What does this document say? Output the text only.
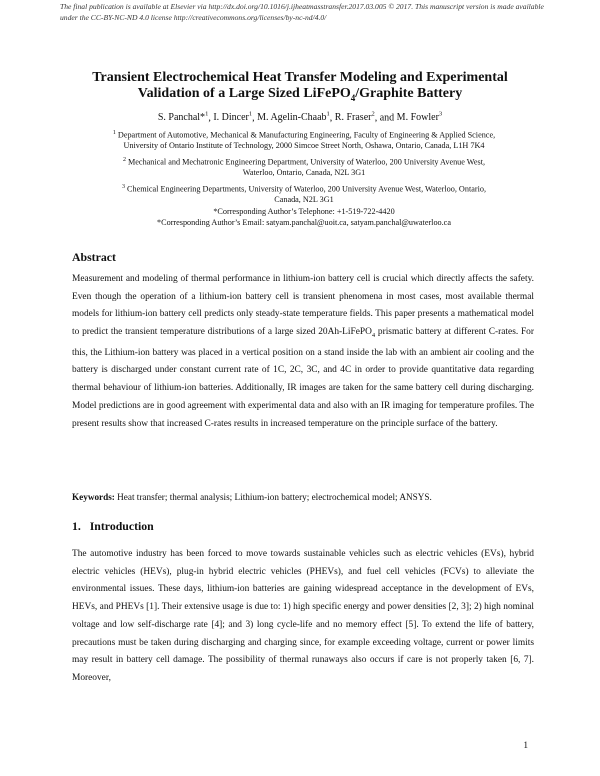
The final publication is available at Elsevier via http://dx.doi.org/10.1016/j.ijheatmasstransfer.2017.03.005 © 2017. This manuscript version is made available
under the CC-BY-NC-ND 4.0 license http://creativecommons.org/licenses/by-nc-nd/4.0/
Transient Electrochemical Heat Transfer Modeling and Experimental
Validation of a Large Sized LiFePO$_4$/Graphite Battery
S. Panchal*$^1$, I. Dincer$^1$, M. Agelin-Chaab$^1$, R. Fraser$^2$, and M. Fowler$^3$
$^1$ Department of Automotive, Mechanical & Manufacturing Engineering, Faculty of Engineering & Applied Science,
University of Ontario Institute of Technology, 2000 Simcoe Street North, Oshawa, Ontario, Canada, L1H 7K4
$^2$ Mechanical and Mechatronic Engineering Department, University of Waterloo, 200 University Avenue West,
Waterloo, Ontario, Canada, N2L 3G1
$^3$ Chemical Engineering Departments, University of Waterloo, 200 University Avenue West, Waterloo, Ontario,
Canada, N2L 3G1
*Corresponding Author’s Telephone: +1-519-722-4420
*Corresponding Author’s Email: satyam.panchal@uoit.ca, satyam.panchal@uwaterloo.ca
Abstract
Measurement and modeling of thermal performance in lithium-ion battery cell is crucial which directly affects the safety. Even though the operation of a lithium-ion battery cell is transient phenomena in most cases, most available thermal models for lithium-ion battery cell predicts only steady-state temperature fields. This paper presents a mathematical model to predict the transient temperature distributions of a large sized 20Ah-LiFePO$_4$ prismatic battery at different C-rates. For this, the Lithium-ion battery was placed in a vertical position on a stand inside the lab with an ambient air cooling and the battery is discharged under constant current rate of 1C, 2C, 3C, and 4C in order to provide quantitative data regarding thermal behaviour of lithium-ion batteries. Additionally, IR images are taken for the same battery cell during discharging. Model predictions are in good agreement with experimental data and also with an IR imaging for temperature profiles. The present results show that increased C-rates results in increased temperature on the principle surface of the battery.
Keywords: Heat transfer; thermal analysis; Lithium-ion battery; electrochemical model; ANSYS.
1. Introduction
The automotive industry has been forced to move towards sustainable vehicles such as electric vehicles (EVs), hybrid electric vehicles (HEVs), plug-in hybrid electric vehicles (PHEVs), and fuel cell vehicles (FCVs) to alleviate the environmental issues. These days, lithium-ion batteries are gaining widespread acceptance in the development of EVs, HEVs, and PHEVs [1]. Their extensive usage is due to: 1) high specific energy and power densities [2, 3]; 2) high nominal voltage and low self-discharge rate [4]; and 3) long cycle-life and no memory effect [5]. To extend the life of battery, precautions must be taken during discharging and charging since, for example exceeding voltage, current or power limits may result in battery cell damage. The possibility of thermal runaways also occurs if care is not properly taken [6, 7]. Moreover,
1
